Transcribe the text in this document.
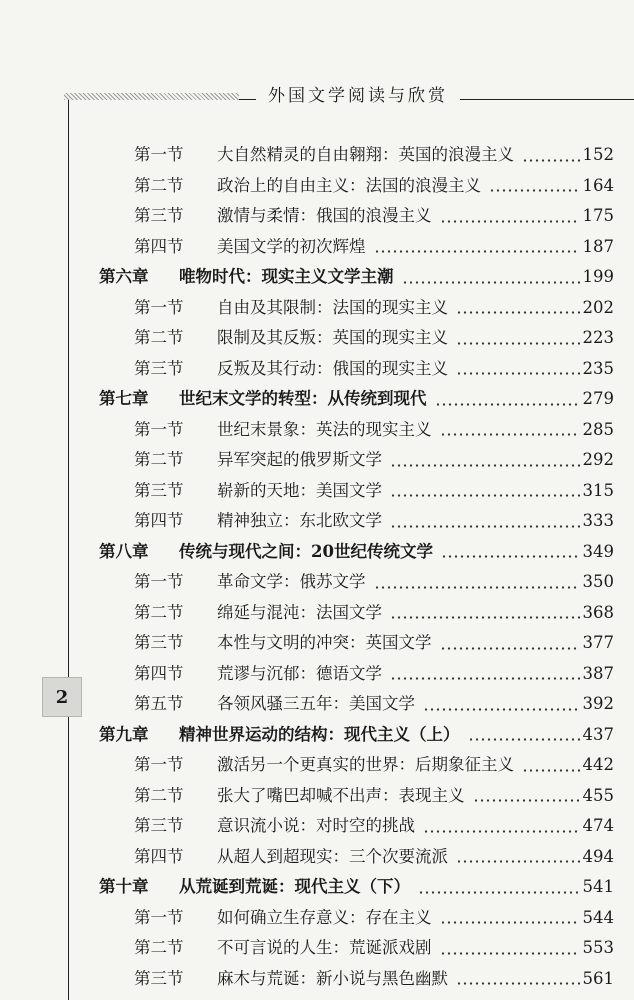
外国文学阅读与欣赏
2
第一节 大自然精灵的自由翱翔：英国的浪漫主义	152
第二节 政治上的自由主义：法国的浪漫主义	164
第三节 激情与柔情：俄国的浪漫主义	175
第四节 美国文学的初次辉煌	187
第六章 唯物时代：现实主义文学主潮	199
第一节 自由及其限制：法国的现实主义	202
第二节 限制及其反叛：英国的现实主义	223
第三节 反叛及其行动：俄国的现实主义	235
第七章 世纪末文学的转型：从传统到现代	279
第一节 世纪末景象：英法的现实主义	285
第二节 异军突起的俄罗斯文学	292
第三节 崭新的天地：美国文学	315
第四节 精神独立：东北欧文学	333
第八章 传统与现代之间：20世纪传统文学	349
第一节 革命文学：俄苏文学	350
第二节 绵延与混沌：法国文学	368
第三节 本性与文明的冲突：英国文学	377
第四节 荒谬与沉郁：德语文学	387
第五节 各领风骚三五年：美国文学	392
第九章 精神世界运动的结构：现代主义（上）	437
第一节 激活另一个更真实的世界：后期象征主义	442
第二节 张大了嘴巴却喊不出声：表现主义	455
第三节 意识流小说：对时空的挑战	474
第四节 从超人到超现实：三个次要流派	494
第十章 从荒诞到荒诞：现代主义（下）	541
第一节 如何确立生存意义：存在主义	544
第二节 不可言说的人生：荒诞派戏剧	553
第三节 麻木与荒诞：新小说与黑色幽默	561
